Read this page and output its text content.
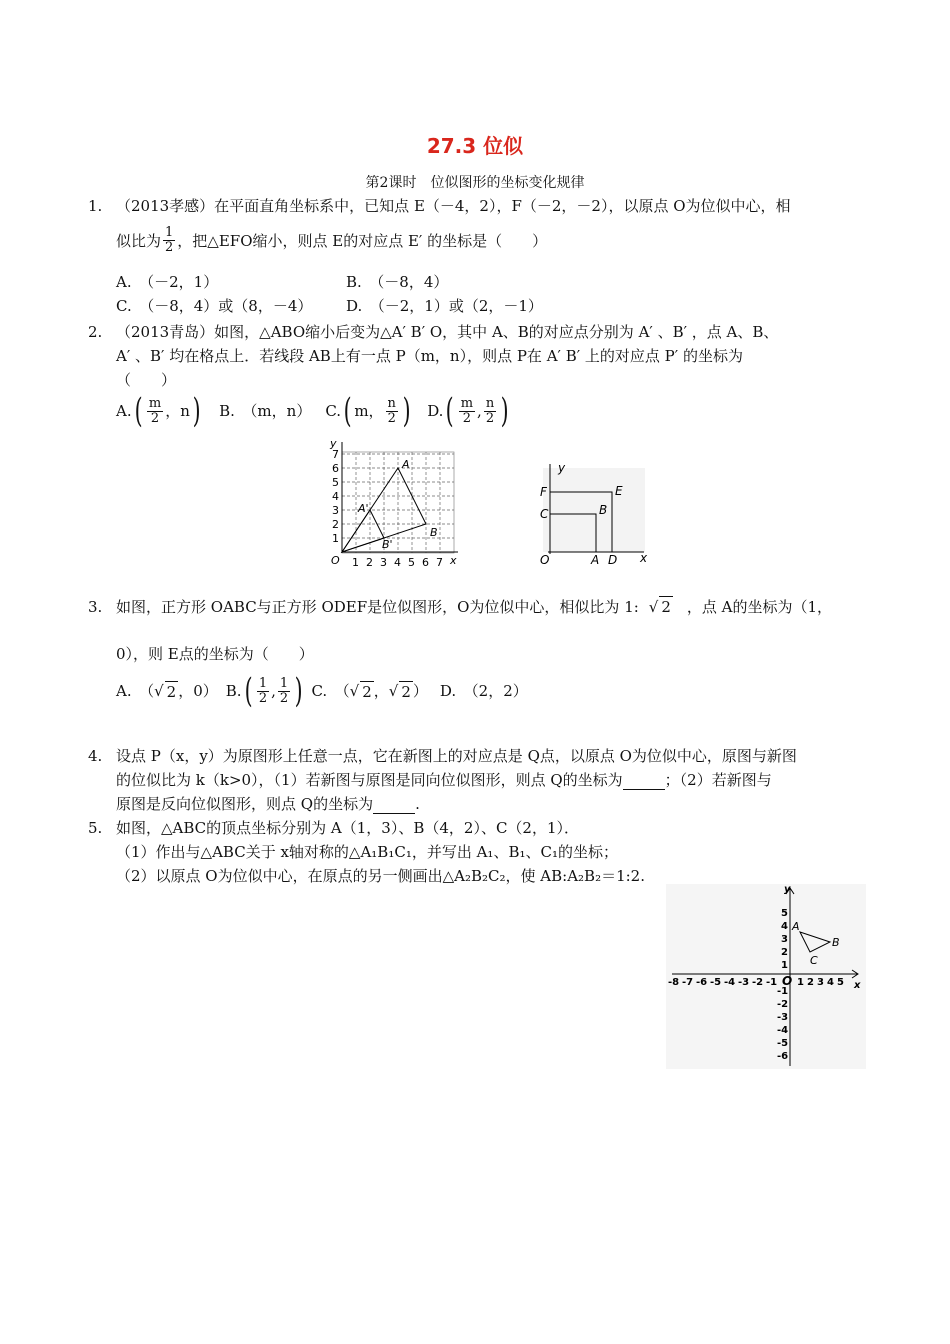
27.3 位似
第2课时　位似图形的坐标变化规律
1. （2013孝感）在平面直角坐标系中，已知点 E（－4，2），F（－2，－2），以原点 O为位似中心，相
似比为 $\frac{1}{2}$ ，把△EFO缩小，则点 E的对应点 E′ 的坐标是（　　）
A.　（－2，1）	B.　（－8，4）
C.　（－8，4）或（8，－4） D.　（－2，1）或（2，－1）
2. （2013青岛）如图，△ABO缩小后变为△A′ B′ O，其中 A、B的对应点分别为 A′ 、B′ ，点 A、B、
A′ 、B′ 均在格点上．若线段 AB上有一点 P（m，n），则点 P在 A′ B′ 上的对应点 P′ 的坐标为
（　　）
A. ( $\frac{m}{2}$ ，n ) B.　（m，n） C. ( m， $\frac{n}{2}$ ) D. ( $\frac{m}{2}$ , $\frac{n}{2}$ )
y
7
6
5
4
3
2
1
O 1 2 3 4 5 6 7 x
A
B
A'
B'
y
x
O	A D
C
F
B
E
3. 如图，正方形 OABC与正方形 ODEF是位似图形，O为位似中心，相似比为 1: √ 2 ，点 A的坐标为（1，
0），则 E点的坐标为（　　）
A.　（ √ 2 ，0） B. ( $\frac{1}{2}$ , $\frac{1}{2}$ ) C.　（ √ 2 ， √ 2 ） D.　（2，2）
4. 设点 P（x，y）为原图形上任意一点，它在新图上的对应点是 Q点，以原点 O为位似中心，原图与新图
的位似比为 k（k>0），（1）若新图与原图是同向位似图形，则点 Q的坐标为	；（2）若新图与
原图是反向位似图形，则点 Q的坐标为	.
5. 如图，△ABC的顶点坐标分别为 A（1，3）、B（4，2）、C（2，1）．
（1）作出与△ABC关于 x轴对称的△A₁B₁C₁，并写出 A₁、B₁、C₁的坐标；
（2）以原点 O为位似中心，在原点的另一侧画出△A₂B₂C₂，使 AB:A₂B₂＝1:2.
y
x
O
-8 -7 -6 -5 -4 -3 -2 -1 1 2 3 4 5
1
2
3
4
5
-1
-2
-3
-4
-5
-6
A
B
C
